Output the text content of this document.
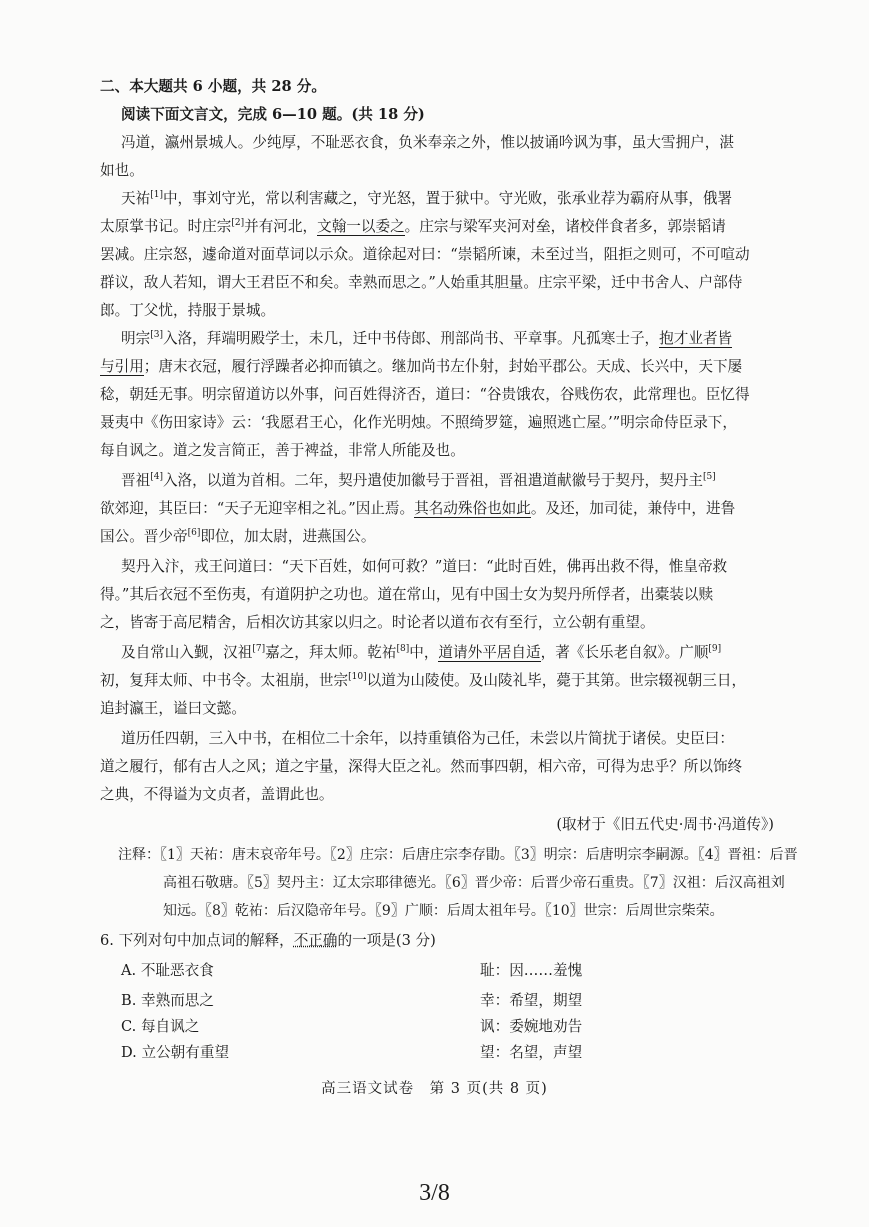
二、本大题共 6 小题，共 28 分。
阅读下面文言文，完成 6—10 题。(共 18 分)
冯道，瀛州景城人。少纯厚，不耻恶衣食，负米奉亲之外，惟以披诵吟讽为事，虽大雪拥户，湛
如也。
天祐[1]中，事刘守光，常以利害藏之，守光怒，置于狱中。守光败，张承业荐为霸府从事，俄署
太原掌书记。时庄宗[2]并有河北，文翰一以委之。庄宗与梁军夹河对垒，诸校伴食者多，郭崇韬请
罢减。庄宗怒，遽命道对面草词以示众。道徐起对曰：“崇韬所谏，未至过当，阻拒之则可，不可喧动
群议，敌人若知，谓大王君臣不和矣。幸熟而思之。”人始重其胆量。庄宗平梁，迁中书舍人、户部侍
郎。丁父忧，持服于景城。
明宗[3]入洛，拜端明殿学士，未几，迁中书侍郎、刑部尚书、平章事。凡孤寒士子，抱才业者皆
与引用；唐末衣冠，履行浮躁者必抑而镇之。继加尚书左仆射，封始平郡公。天成、长兴中，天下屡
稔，朝廷无事。明宗留道访以外事，问百姓得济否，道曰：“谷贵饿农，谷贱伤农，此常理也。臣忆得
聂夷中《伤田家诗》云：‘我愿君王心，化作光明烛。不照绮罗筵，遍照逃亡屋。’”明宗命侍臣录下，
每自讽之。道之发言简正，善于裨益，非常人所能及也。
晋祖[4]入洛，以道为首相。二年，契丹遣使加徽号于晋祖，晋祖遣道献徽号于契丹，契丹主[5]
欲郊迎，其臣曰：“天子无迎宰相之礼。”因止焉。其名动殊俗也如此。及还，加司徒，兼侍中，进鲁
国公。晋少帝[6]即位，加太尉，进燕国公。
契丹入汴，戎王问道曰：“天下百姓，如何可救？”道曰：“此时百姓，佛再出救不得，惟皇帝救
得。”其后衣冠不至伤夷，有道阴护之功也。道在常山，见有中国士女为契丹所俘者，出橐装以赎
之，皆寄于高尼精舍，后相次访其家以归之。时论者以道布衣有至行，立公朝有重望。
及自常山入觐，汉祖[7]嘉之，拜太师。乾祐[8]中，道请外平居自适，著《长乐老自叙》。广顺[9]
初，复拜太师、中书令。太祖崩，世宗[10]以道为山陵使。及山陵礼毕，薨于其第。世宗辍视朝三日，
追封瀛王，谥曰文懿。
道历任四朝，三入中书，在相位二十余年，以持重镇俗为己任，未尝以片简扰于诸侯。史臣曰：
道之履行，郁有古人之风；道之宇量，深得大臣之礼。然而事四朝，相六帝，可得为忠乎？所以饰终
之典，不得谥为文贞者，盖谓此也。
(取材于《旧五代史·周书·冯道传》)
注释：〖1〗天祐：唐末哀帝年号。〖2〗庄宗：后唐庄宗李存勖。〖3〗明宗：后唐明宗李嗣源。〖4〗晋祖：后晋
高祖石敬瑭。〖5〗契丹主：辽太宗耶律德光。〖6〗晋少帝：后晋少帝石重贵。〖7〗汉祖：后汉高祖刘
知远。〖8〗乾祐：后汉隐帝年号。〖9〗广顺：后周太祖年号。〖10〗世宗：后周世宗柴荣。
6. 下列对句中加点词的解释，不正确的一项是(3 分)
A. 不耻恶衣食	耻：因……羞愧
B. 幸熟而思之	幸：希望，期望
C. 每自讽之	讽：委婉地劝告
D. 立公朝有重望	望：名望，声望
高三语文试卷　第 3 页(共 8 页)
3/8
